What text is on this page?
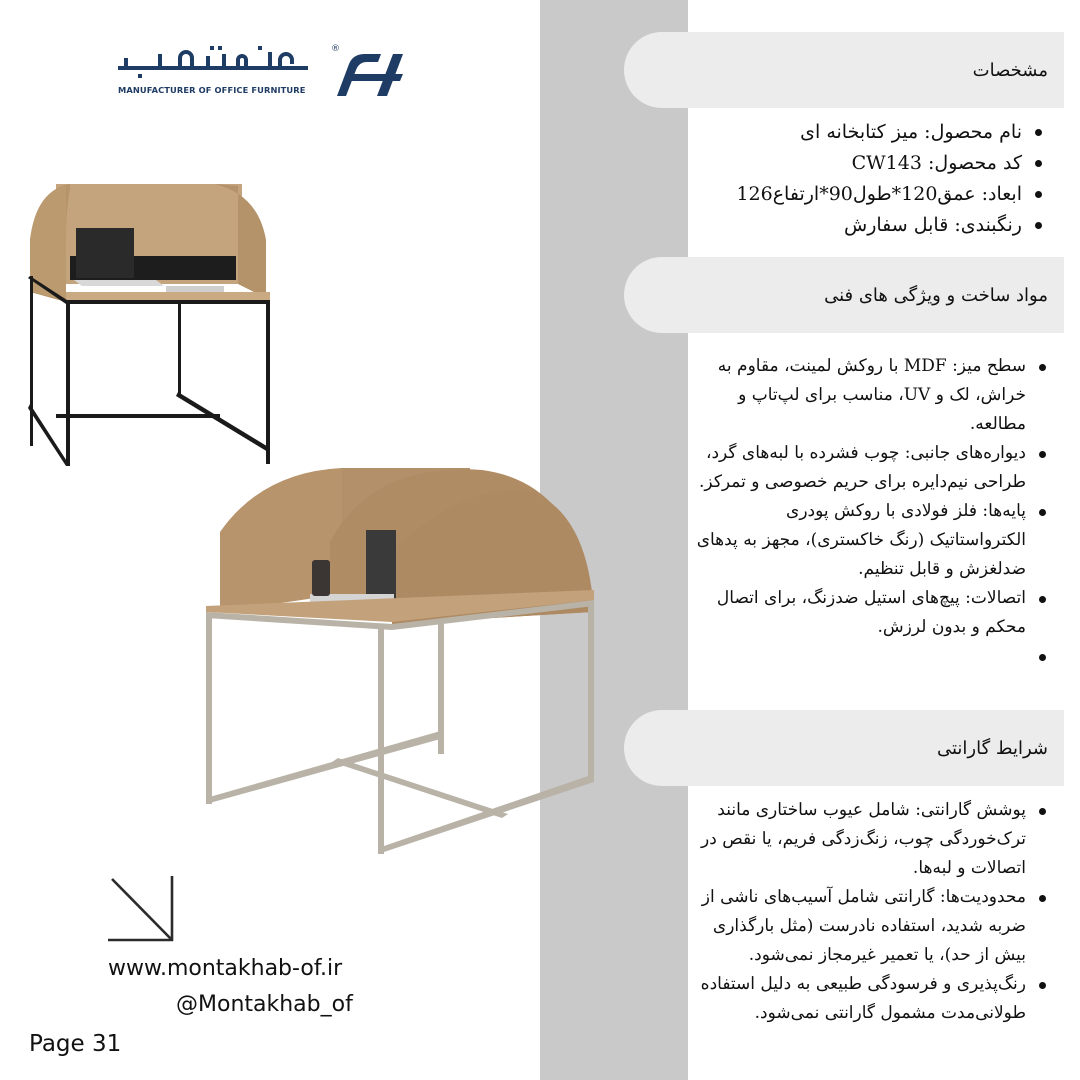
MANUFACTURER OF OFFICE FURNITURE
®
مشخصات
نام محصول: میز کتابخانه ای
کد محصول: CW143
ابعاد: عمق120*طول90*ارتفاع126
رنگبندی: قابل سفارش
مواد ساخت و ویژگی های فنی
سطح میز: MDF با روکش لمینت، مقاوم به خراش، لک و UV، مناسب برای لپ‌تاپ و مطالعه.
دیواره‌های جانبی: چوب فشرده با لبه‌های گرد، طراحی نیم‌دایره برای حریم خصوصی و تمرکز.
پایه‌ها: فلز فولادی با روکش پودری الکترواستاتیک (رنگ خاکستری)، مجهز به پدهای ضدلغزش و قابل تنظیم.
اتصالات: پیچ‌های استیل ضدزنگ، برای اتصال محکم و بدون لرزش.
شرایط گارانتی
پوشش گارانتی: شامل عیوب ساختاری مانند ترک‌خوردگی چوب، زنگ‌زدگی فریم، یا نقص در اتصالات و لبه‌ها.
محدودیت‌ها: گارانتی شامل آسیب‌های ناشی از ضربه شدید، استفاده نادرست (مثل بارگذاری بیش از حد)، یا تعمیر غیرمجاز نمی‌شود.
رنگ‌پذیری و فرسودگی طبیعی به دلیل استفاده طولانی‌مدت مشمول گارانتی نمی‌شود.
www.montakhab-of.ir
@Montakhab_of
Page 31
